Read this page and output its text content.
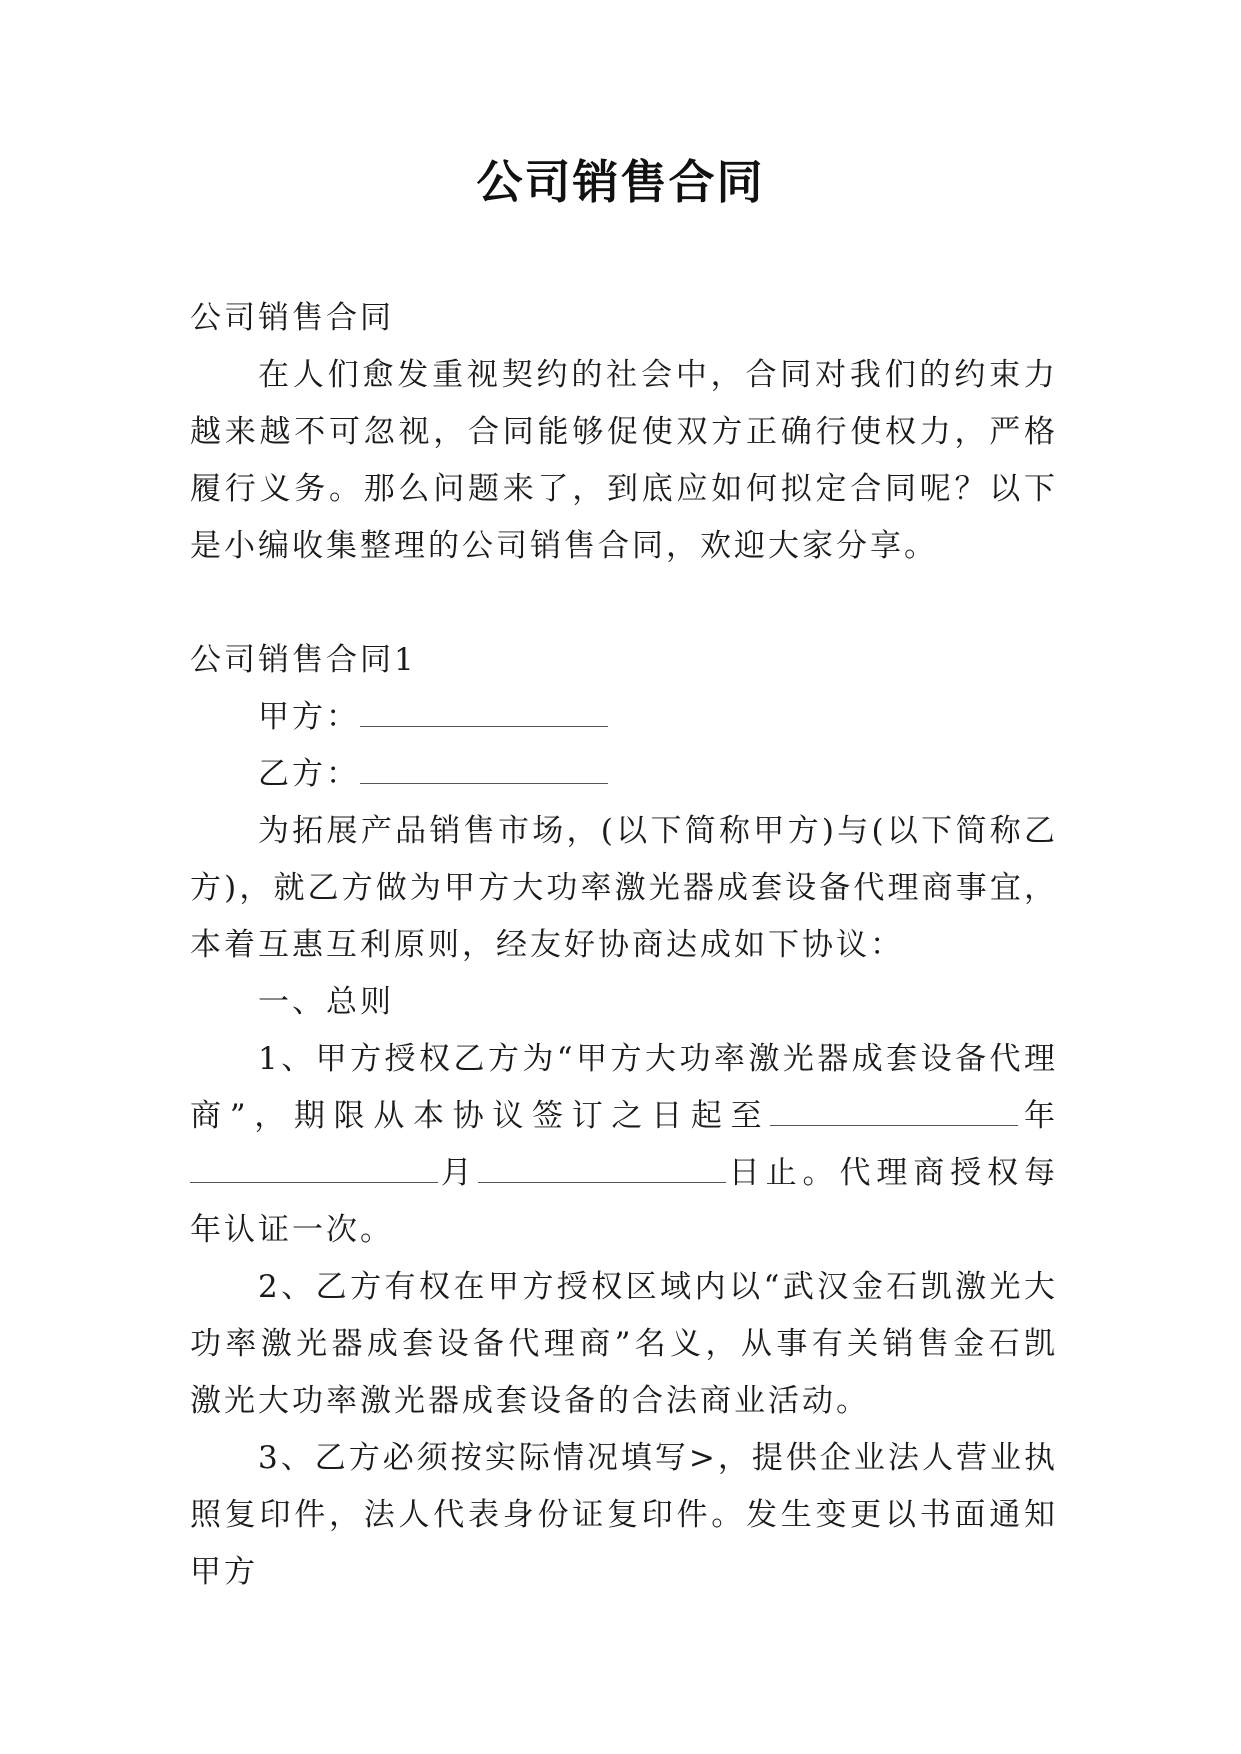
公司销售合同

公司销售合同

在人们愈发重视契约的社会中，合同对我们的约束力越来越不可忽视，合同能够促使双方正确行使权力，严格履行义务。那么问题来了，到底应如何拟定合同呢？以下是小编收集整理的公司销售合同，欢迎大家分享。

公司销售合同1

甲方：

乙方：

为拓展产品销售市场，(以下简称甲方)与(以下简称乙方)，就乙方做为甲方大功率激光器成套设备代理商事宜，本着互惠互利原则，经友好协商达成如下协议：

一、总则

1、甲方授权乙方为“甲方大功率激光器成套设备代理商”，期限从本协议签订之日起至	年月	日止。代理商授权每年认证一次。

2、乙方有权在甲方授权区域内以“武汉金石凯激光大功率激光器成套设备代理商”名义，从事有关销售金石凯激光大功率激光器成套设备的合法商业活动。

3、乙方必须按实际情况填写>，提供企业法人营业执照复印件，法人代表身份证复印件。发生变更以书面通知甲方
